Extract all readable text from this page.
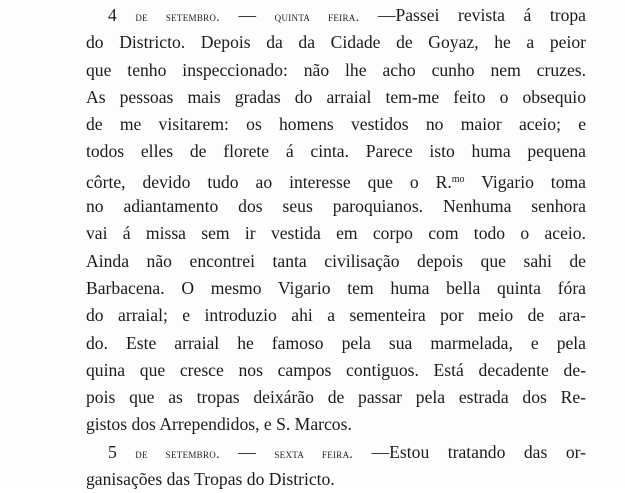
4 de setembro. — quinta feira. —Passei revista á tropa
do Districto. Depois da da Cidade de Goyaz, he a peior
que tenho inspeccionado: não lhe acho cunho nem cruzes.
As pessoas mais gradas do arraial tem-me feito o obsequio
de me visitarem: os homens vestidos no maior aceio; e
todos elles de florete á cinta. Parece isto huma pequena
côrte, devido tudo ao interesse que o R.$^{mo}$ Vigario toma
no adiantamento dos seus paroquianos. Nenhuma senhora
vai á missa sem ir vestida em corpo com todo o aceio.
Ainda não encontrei tanta civilisação depois que sahi de
Barbacena. O mesmo Vigario tem huma bella quinta fóra
do arraial; e introduzio ahi a sementeira por meio de ara-
do. Este arraial he famoso pela sua marmelada, e pela
quina que cresce nos campos contiguos. Está decadente de-
pois que as tropas deixárão de passar pela estrada dos Re-
gistos dos Arrependidos, e S. Marcos.
5 de setembro. — sexta feira. —Estou tratando das or-
ganisações das Tropas do Districto.
